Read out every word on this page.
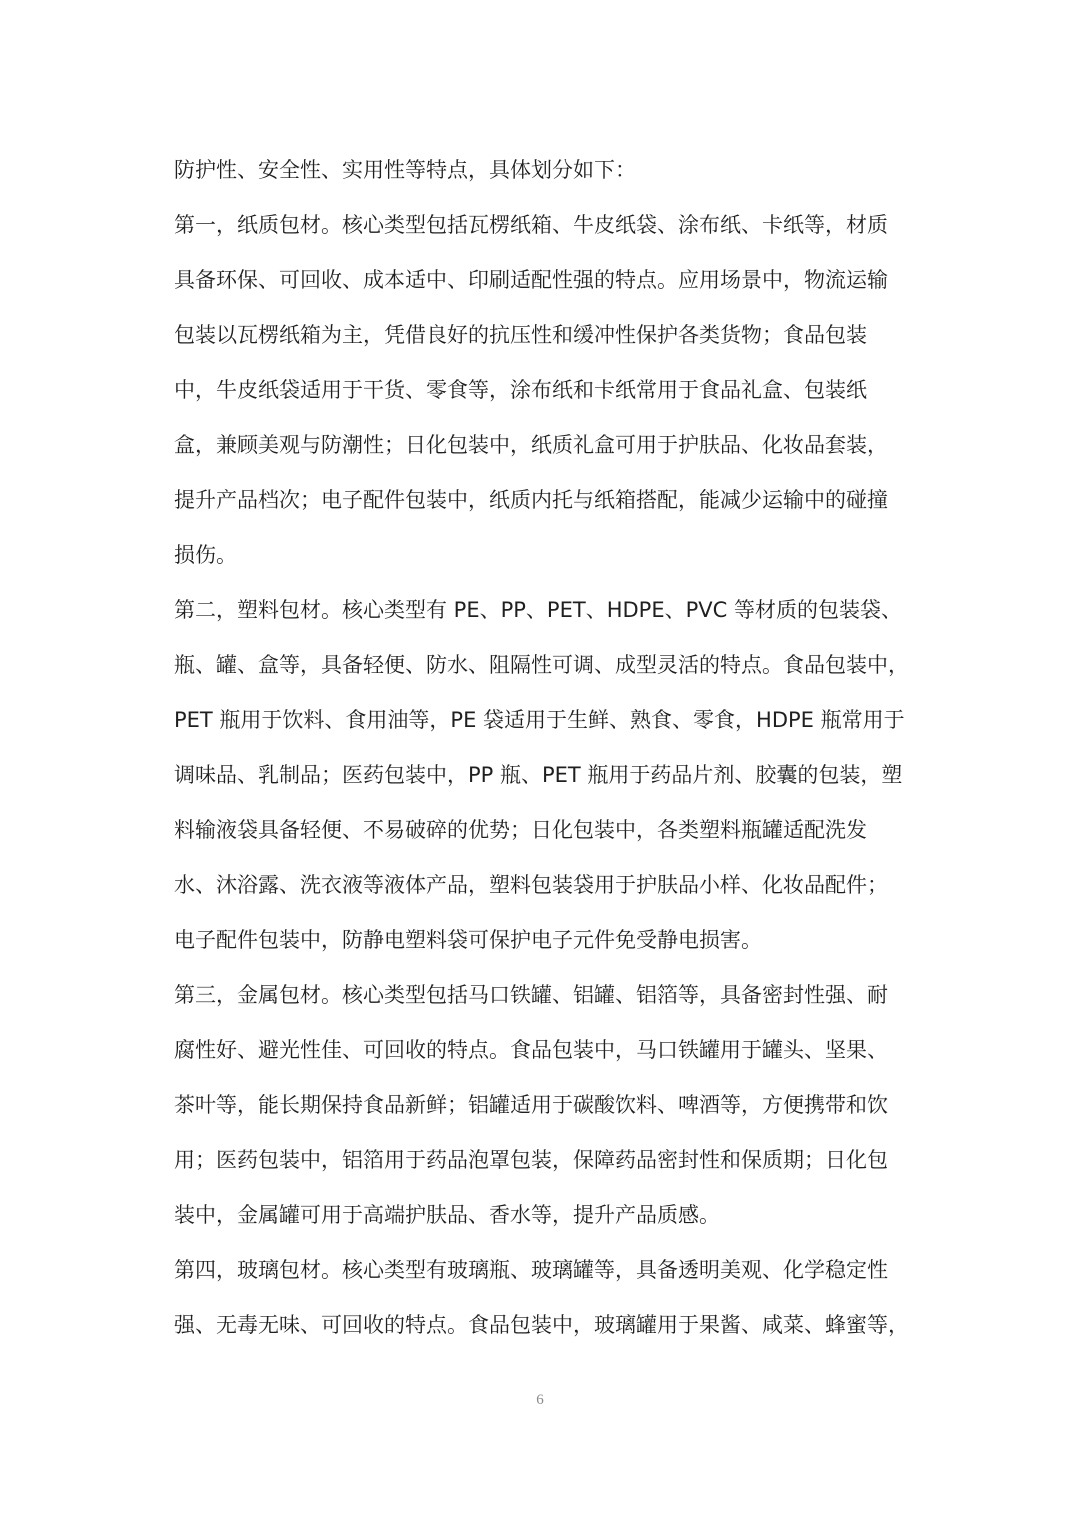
防护性、安全性、实用性等特点，具体划分如下：
第一，纸质包材。核心类型包括瓦楞纸箱、牛皮纸袋、涂布纸、卡纸等，材质
具备环保、可回收、成本适中、印刷适配性强的特点。应用场景中，物流运输
包装以瓦楞纸箱为主，凭借良好的抗压性和缓冲性保护各类货物；食品包装
中，牛皮纸袋适用于干货、零食等，涂布纸和卡纸常用于食品礼盒、包装纸
盒，兼顾美观与防潮性；日化包装中，纸质礼盒可用于护肤品、化妆品套装，
提升产品档次；电子配件包装中，纸质内托与纸箱搭配，能减少运输中的碰撞
损伤。
第二，塑料包材。核心类型有 PE、PP、PET、HDPE、PVC 等材质的包装袋、
瓶、罐、盒等，具备轻便、防水、阻隔性可调、成型灵活的特点。食品包装中，
PET 瓶用于饮料、食用油等，PE 袋适用于生鲜、熟食、零食，HDPE 瓶常用于
调味品、乳制品；医药包装中，PP 瓶、PET 瓶用于药品片剂、胶囊的包装，塑
料输液袋具备轻便、不易破碎的优势；日化包装中，各类塑料瓶罐适配洗发
水、沐浴露、洗衣液等液体产品，塑料包装袋用于护肤品小样、化妆品配件；
电子配件包装中，防静电塑料袋可保护电子元件免受静电损害。
第三，金属包材。核心类型包括马口铁罐、铝罐、铝箔等，具备密封性强、耐
腐性好、避光性佳、可回收的特点。食品包装中，马口铁罐用于罐头、坚果、
茶叶等，能长期保持食品新鲜；铝罐适用于碳酸饮料、啤酒等，方便携带和饮
用；医药包装中，铝箔用于药品泡罩包装，保障药品密封性和保质期；日化包
装中，金属罐可用于高端护肤品、香水等，提升产品质感。
第四，玻璃包材。核心类型有玻璃瓶、玻璃罐等，具备透明美观、化学稳定性
强、无毒无味、可回收的特点。食品包装中，玻璃罐用于果酱、咸菜、蜂蜜等，
6
